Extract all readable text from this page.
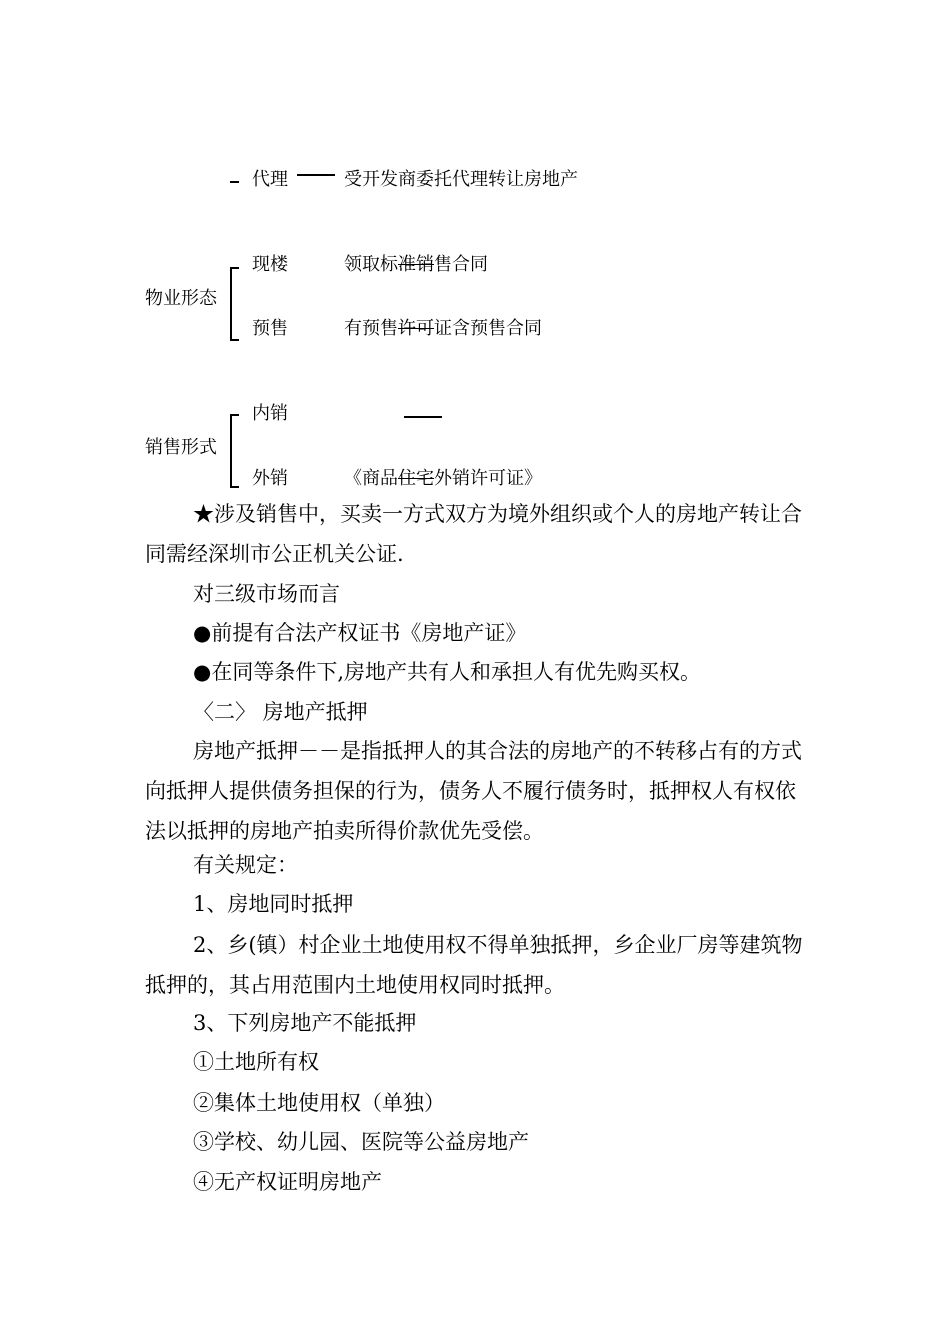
代理	受开发商委托代理转让房地产
物业形态
现楼	领取标准销售合同
预售	有预售许可证含预售合同
销售形式
内销
外销	《商品住宅外销许可证》
★涉及销售中，买卖一方式双方为境外组织或个人的房地产转让合同需经深圳市公正机关公证.
对三级市场而言
●前提有合法产权证书《房地产证》
●在同等条件下,房地产共有人和承担人有优先购买权。
〈二〉 房地产抵押
房地产抵押－－是指抵押人的其合法的房地产的不转移占有的方式向抵押人提供债务担保的行为，债务人不履行债务时，抵押权人有权依法以抵押的房地产拍卖所得价款优先受偿。
有关规定：
1、房地同时抵押
2、乡(镇）村企业土地使用权不得单独抵押，乡企业厂房等建筑物抵押的，其占用范围内土地使用权同时抵押。
3、下列房地产不能抵押
①土地所有权
②集体土地使用权（单独）
③学校、幼儿园、医院等公益房地产
④无产权证明房地产
